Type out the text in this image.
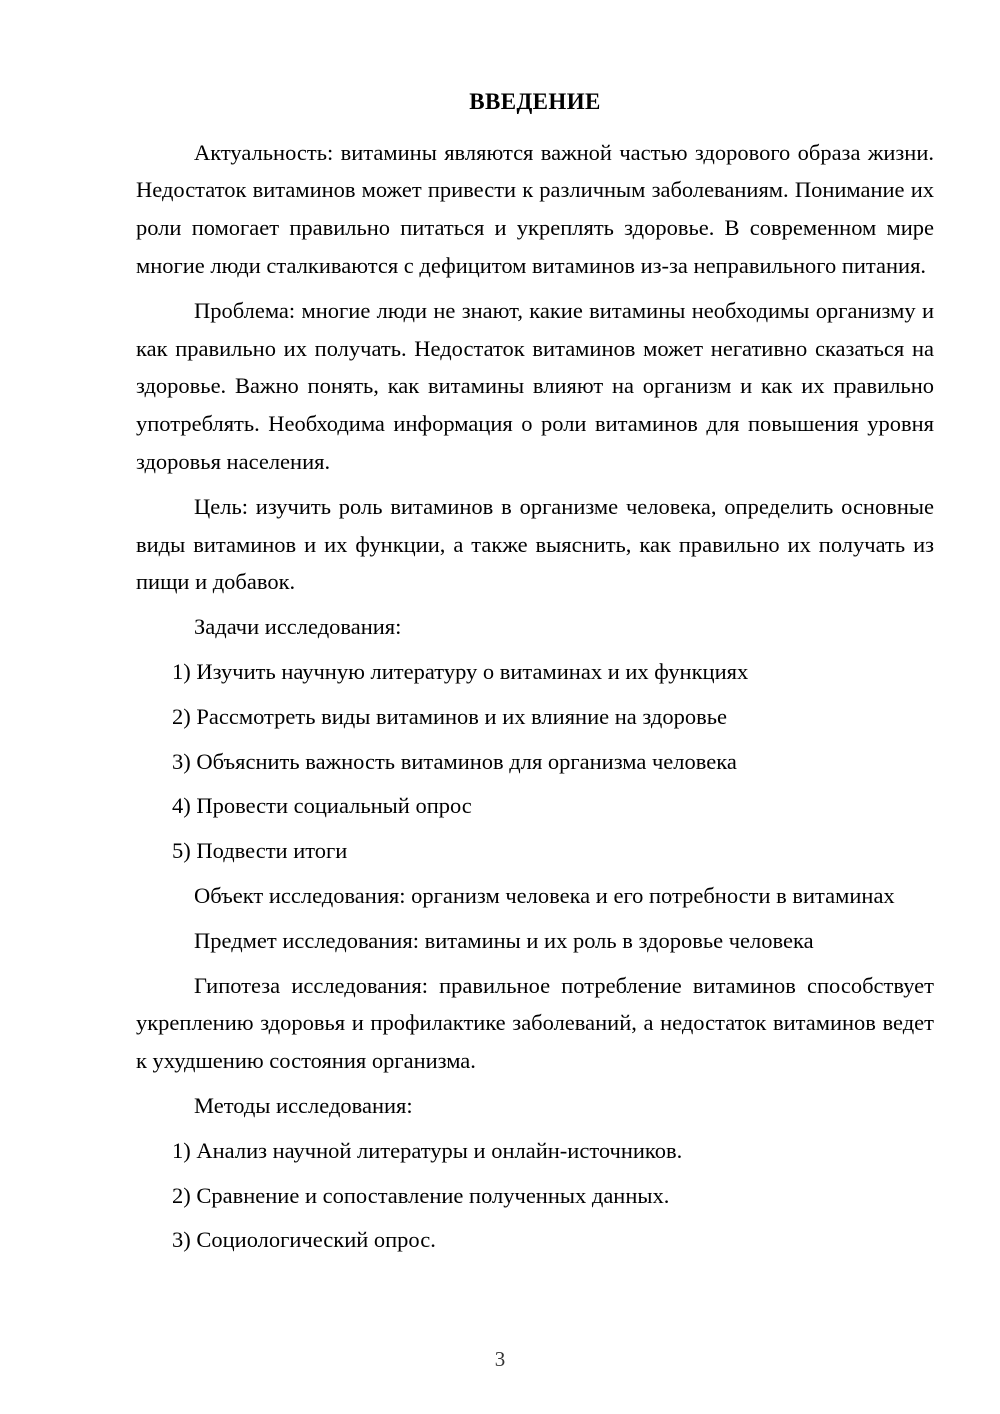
ВВЕДЕНИЕ

Актуальность: витамины являются важной частью здорового образа жизни. Недостаток витаминов может привести к различным заболеваниям. Понимание их роли помогает правильно питаться и укреплять здоровье. В современном мире многие люди сталкиваются с дефицитом витаминов из-за неправильного питания.

Проблема: многие люди не знают, какие витамины необходимы организму и как правильно их получать. Недостаток витаминов может негативно сказаться на здоровье. Важно понять, как витамины влияют на организм и как их правильно употреблять. Необходима информация о роли витаминов для повышения уровня здоровья населения.

Цель: изучить роль витаминов в организме человека, определить основные виды витаминов и их функции, а также выяснить, как правильно их получать из пищи и добавок.

Задачи исследования:

1) Изучить научную литературу о витаминах и их функциях

2) Рассмотреть виды витаминов и их влияние на здоровье

3) Объяснить важность витаминов для организма человека

4) Провести социальный опрос

5) Подвести итоги

Объект исследования: организм человека и его потребности в витаминах

Предмет исследования: витамины и их роль в здоровье человека

Гипотеза исследования: правильное потребление витаминов способствует укреплению здоровья и профилактике заболеваний, а недостаток витаминов ведет к ухудшению состояния организма.

Методы исследования:

1) Анализ научной литературы и онлайн-источников.

2) Сравнение и сопоставление полученных данных.

3) Социологический опрос.

3
